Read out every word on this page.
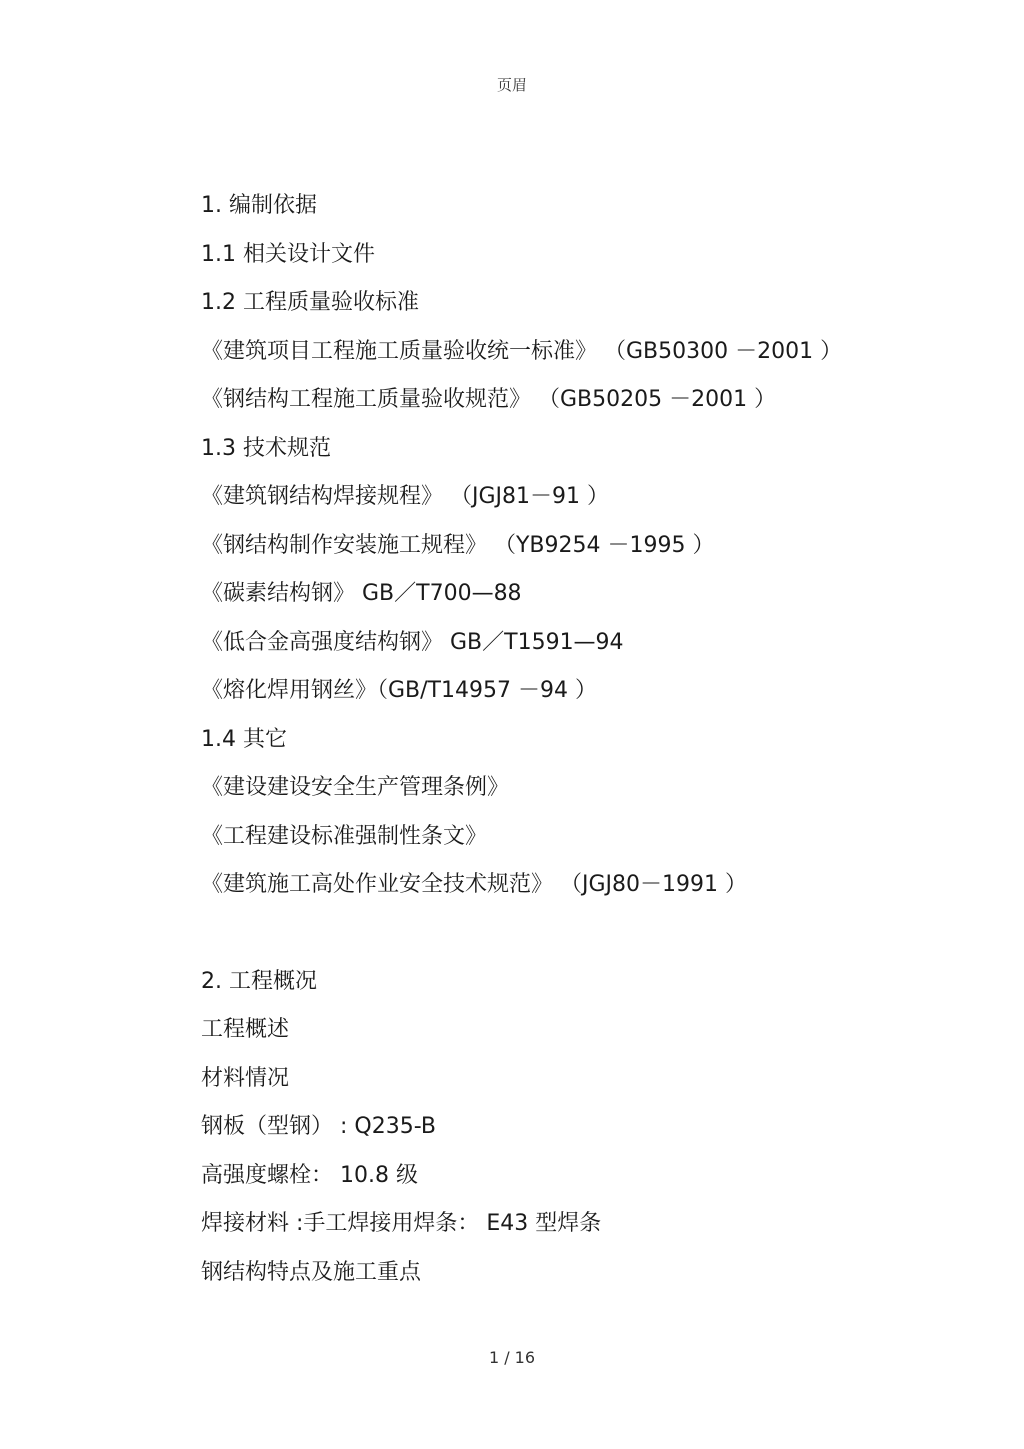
页眉
1. 编制依据
1.1 相关设计文件
1.2 工程质量验收标准
《建筑项目工程施工质量验收统一标准》 （GB50300 －2001 ）
《钢结构工程施工质量验收规范》 （GB50205 －2001 ）
1.3 技术规范
《建筑钢结构焊接规程》 （JGJ81－91 ）
《钢结构制作安装施工规程》 （YB9254 －1995 ）
《碳素结构钢》 GB／T700—88
《低合金高强度结构钢》 GB／T1591—94
《熔化焊用钢丝》（GB/T14957 －94 ）
1.4 其它
《建设建设安全生产管理条例》
《工程建设标准强制性条文》
《建筑施工高处作业安全技术规范》 （JGJ80－1991 ）
2. 工程概况
工程概述
材料情况
钢板（型钢） : Q235-B
高强度螺栓： 10.8 级
焊接材料 :手工焊接用焊条： E43 型焊条
钢结构特点及施工重点
1 / 16
